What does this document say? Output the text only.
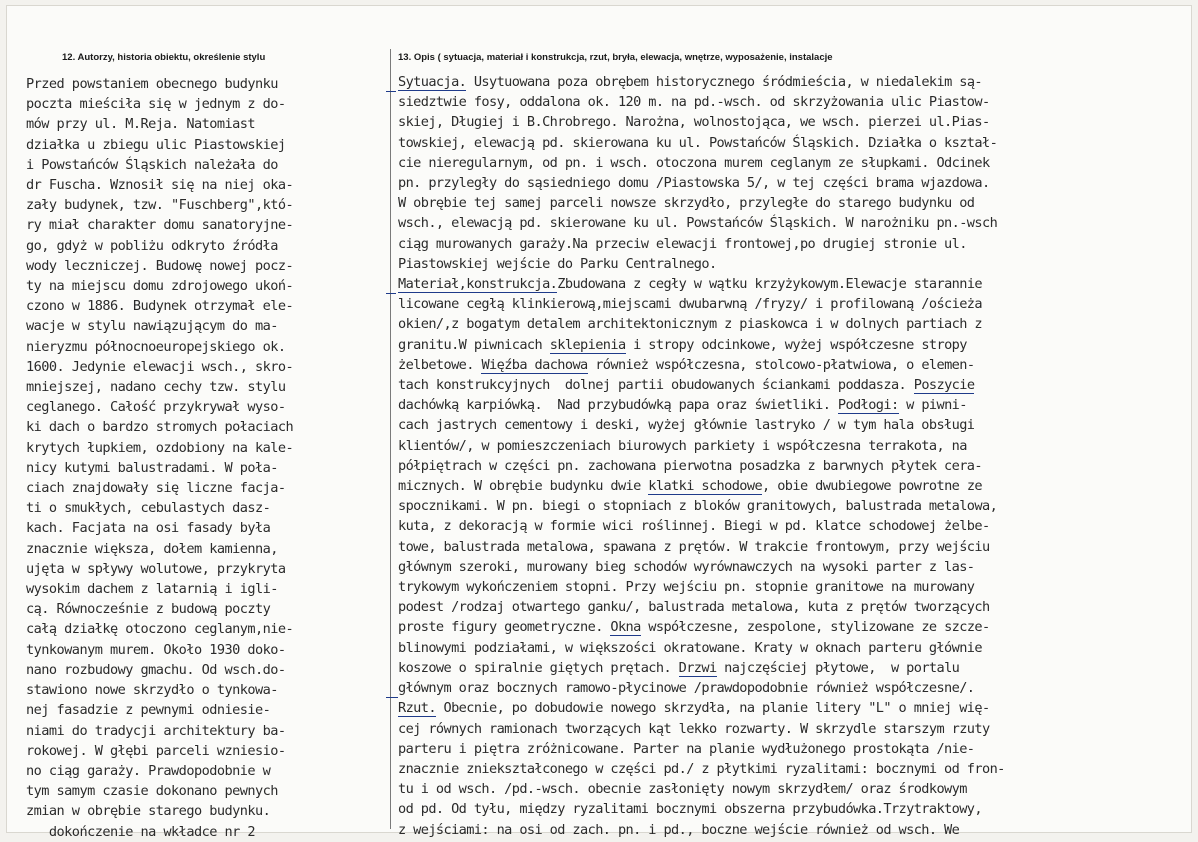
12. Autorzy, historia obiektu, określenie stylu	13. Opis ( sytuacja, materiał i konstrukcja, rzut, bryła, elewacja, wnętrze, wyposażenie, instalacje
Przed powstaniem obecnego budynku
poczta mieściła się w jednym z do-
mów przy ul. M.Reja. Natomiast
działka u zbiegu ulic Piastowskiej
i Powstańców Śląskich należała do
dr Fuscha. Wznosił się na niej oka-
zały budynek, tzw. "Fuschberg",któ-
ry miał charakter domu sanatoryjne-
go, gdyż w pobliżu odkryto źródła
wody leczniczej. Budowę nowej pocz-
ty na miejscu domu zdrojowego ukoń-
czono w 1886. Budynek otrzymał ele-
wacje w stylu nawiązującym do ma-
nieryzmu północnoeuropejskiego ok.
1600. Jedynie elewacji wsch., skro-
mniejszej, nadano cechy tzw. stylu
ceglanego. Całość przykrywał wyso-
ki dach o bardzo stromych połaciach
krytych łupkiem, ozdobiony na kale-
nicy kutymi balustradami. W poła-
ciach znajdowały się liczne facja-
ti o smukłych, cebulastych dasz-
kach. Facjata na osi fasady była
znacznie większa, dołem kamienna,
ujęta w spływy wolutowe, przykryta
wysokim dachem z latarnią i igli-
cą. Równocześnie z budową poczty
całą działkę otoczono ceglanym,nie-
tynkowanym murem. Około 1930 doko-
nano rozbudowy gmachu. Od wsch.do-
stawiono nowe skrzydło o tynkowa-
nej fasadzie z pewnymi odniesie-
niami do tradycji architektury ba-
rokowej. W głębi parceli wzniesio-
no ciąg garaży. Prawdopodobnie w
tym samym czasie dokonano pewnych
zmian w obrębie starego budynku.
dokończenie na wkładce nr 2
Sytuacja. Usytuowana poza obrębem historycznego śródmieścia, w niedalekim są-
siedztwie fosy, oddalona ok. 120 m. na pd.-wsch. od skrzyżowania ulic Piastow-
skiej, Długiej i B.Chrobrego. Narożna, wolnostojąca, we wsch. pierzei ul.Pias-
towskiej, elewacją pd. skierowana ku ul. Powstańców Śląskich. Działka o kształ-
cie nieregularnym, od pn. i wsch. otoczona murem ceglanym ze słupkami. Odcinek
pn. przyległy do sąsiedniego domu /Piastowska 5/, w tej części brama wjazdowa.
W obrębie tej samej parceli nowsze skrzydło, przyległe do starego budynku od
wsch., elewacją pd. skierowane ku ul. Powstańców Śląskich. W narożniku pn.-wsch
ciąg murowanych garaży.Na przeciw elewacji frontowej,po drugiej stronie ul.
Piastowskiej wejście do Parku Centralnego.
Materiał,konstrukcja.Zbudowana z cegły w wątku krzyżykowym.Elewacje starannie
licowane cegłą klinkierową,miejscami dwubarwną /fryzy/ i profilowaną /ościeża
okien/,z bogatym detalem architektonicznym z piaskowca i w dolnych partiach z
granitu.W piwnicach sklepienia i stropy odcinkowe, wyżej współczesne stropy
żelbetowe. Więźba dachowa również współczesna, stolcowo-płatwiowa, o elemen-
tach konstrukcyjnych  dolnej partii obudowanych ściankami poddasza. Poszycie
dachówką karpiówką.  Nad przybudówką papa oraz świetliki. Podłogi: w piwni-
cach jastrych cementowy i deski, wyżej głównie lastryko / w tym hala obsługi
klientów/, w pomieszczeniach biurowych parkiety i współczesna terrakota, na
półpiętrach w części pn. zachowana pierwotna posadzka z barwnych płytek cera-
micznych. W obrębie budynku dwie klatki schodowe, obie dwubiegowe powrotne ze
spocznikami. W pn. biegi o stopniach z bloków granitowych, balustrada metalowa,
kuta, z dekoracją w formie wici roślinnej. Biegi w pd. klatce schodowej żelbe-
towe, balustrada metalowa, spawana z prętów. W trakcie frontowym, przy wejściu
głównym szeroki, murowany bieg schodów wyrównawczych na wysoki parter z las-
trykowym wykończeniem stopni. Przy wejściu pn. stopnie granitowe na murowany
podest /rodzaj otwartego ganku/, balustrada metalowa, kuta z prętów tworzących
proste figury geometryczne. Okna współczesne, zespolone, stylizowane ze szcze-
blinowymi podziałami, w większości okratowane. Kraty w oknach parteru głównie
koszowe o spiralnie giętych prętach. Drzwi najczęściej płytowe,  w portalu
głównym oraz bocznych ramowo-płycinowe /prawdopodobnie również współczesne/.
Rzut. Obecnie, po dobudowie nowego skrzydła, na planie litery "L" o mniej wię-
cej równych ramionach tworzących kąt lekko rozwarty. W skrzydle starszym rzuty
parteru i piętra zróżnicowane. Parter na planie wydłużonego prostokąta /nie-
znacznie zniekształconego w części pd./ z płytkimi ryzalitami: bocznymi od fron-
tu i od wsch. /pd.-wsch. obecnie zasłonięty nowym skrzydłem/ oraz środkowym
od pd. Od tyłu, między ryzalitami bocznymi obszerna przybudówka.Trzytraktowy,
z wejściami: na osi od zach. pn. i pd., boczne wejście również od wsch. We
